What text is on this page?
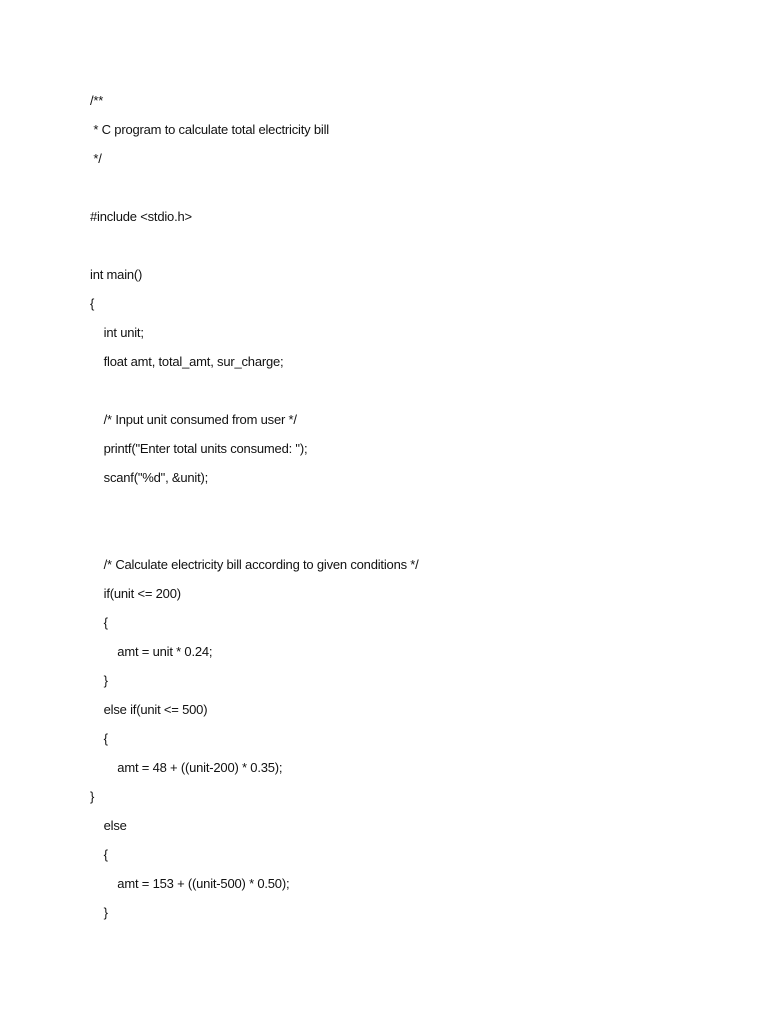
/**
* C program to calculate total electricity bill
*/
#include <stdio.h>
int main()
{
int unit;
float amt, total_amt, sur_charge;
/* Input unit consumed from user */
printf("Enter total units consumed: ");
scanf("%d", &unit);
/* Calculate electricity bill according to given conditions */
if(unit <= 200)
{
amt = unit * 0.24;
}
else if(unit <= 500)
{
amt = 48 + ((unit-200) * 0.35);
}
else
{
amt = 153 + ((unit-500) * 0.50);
}
